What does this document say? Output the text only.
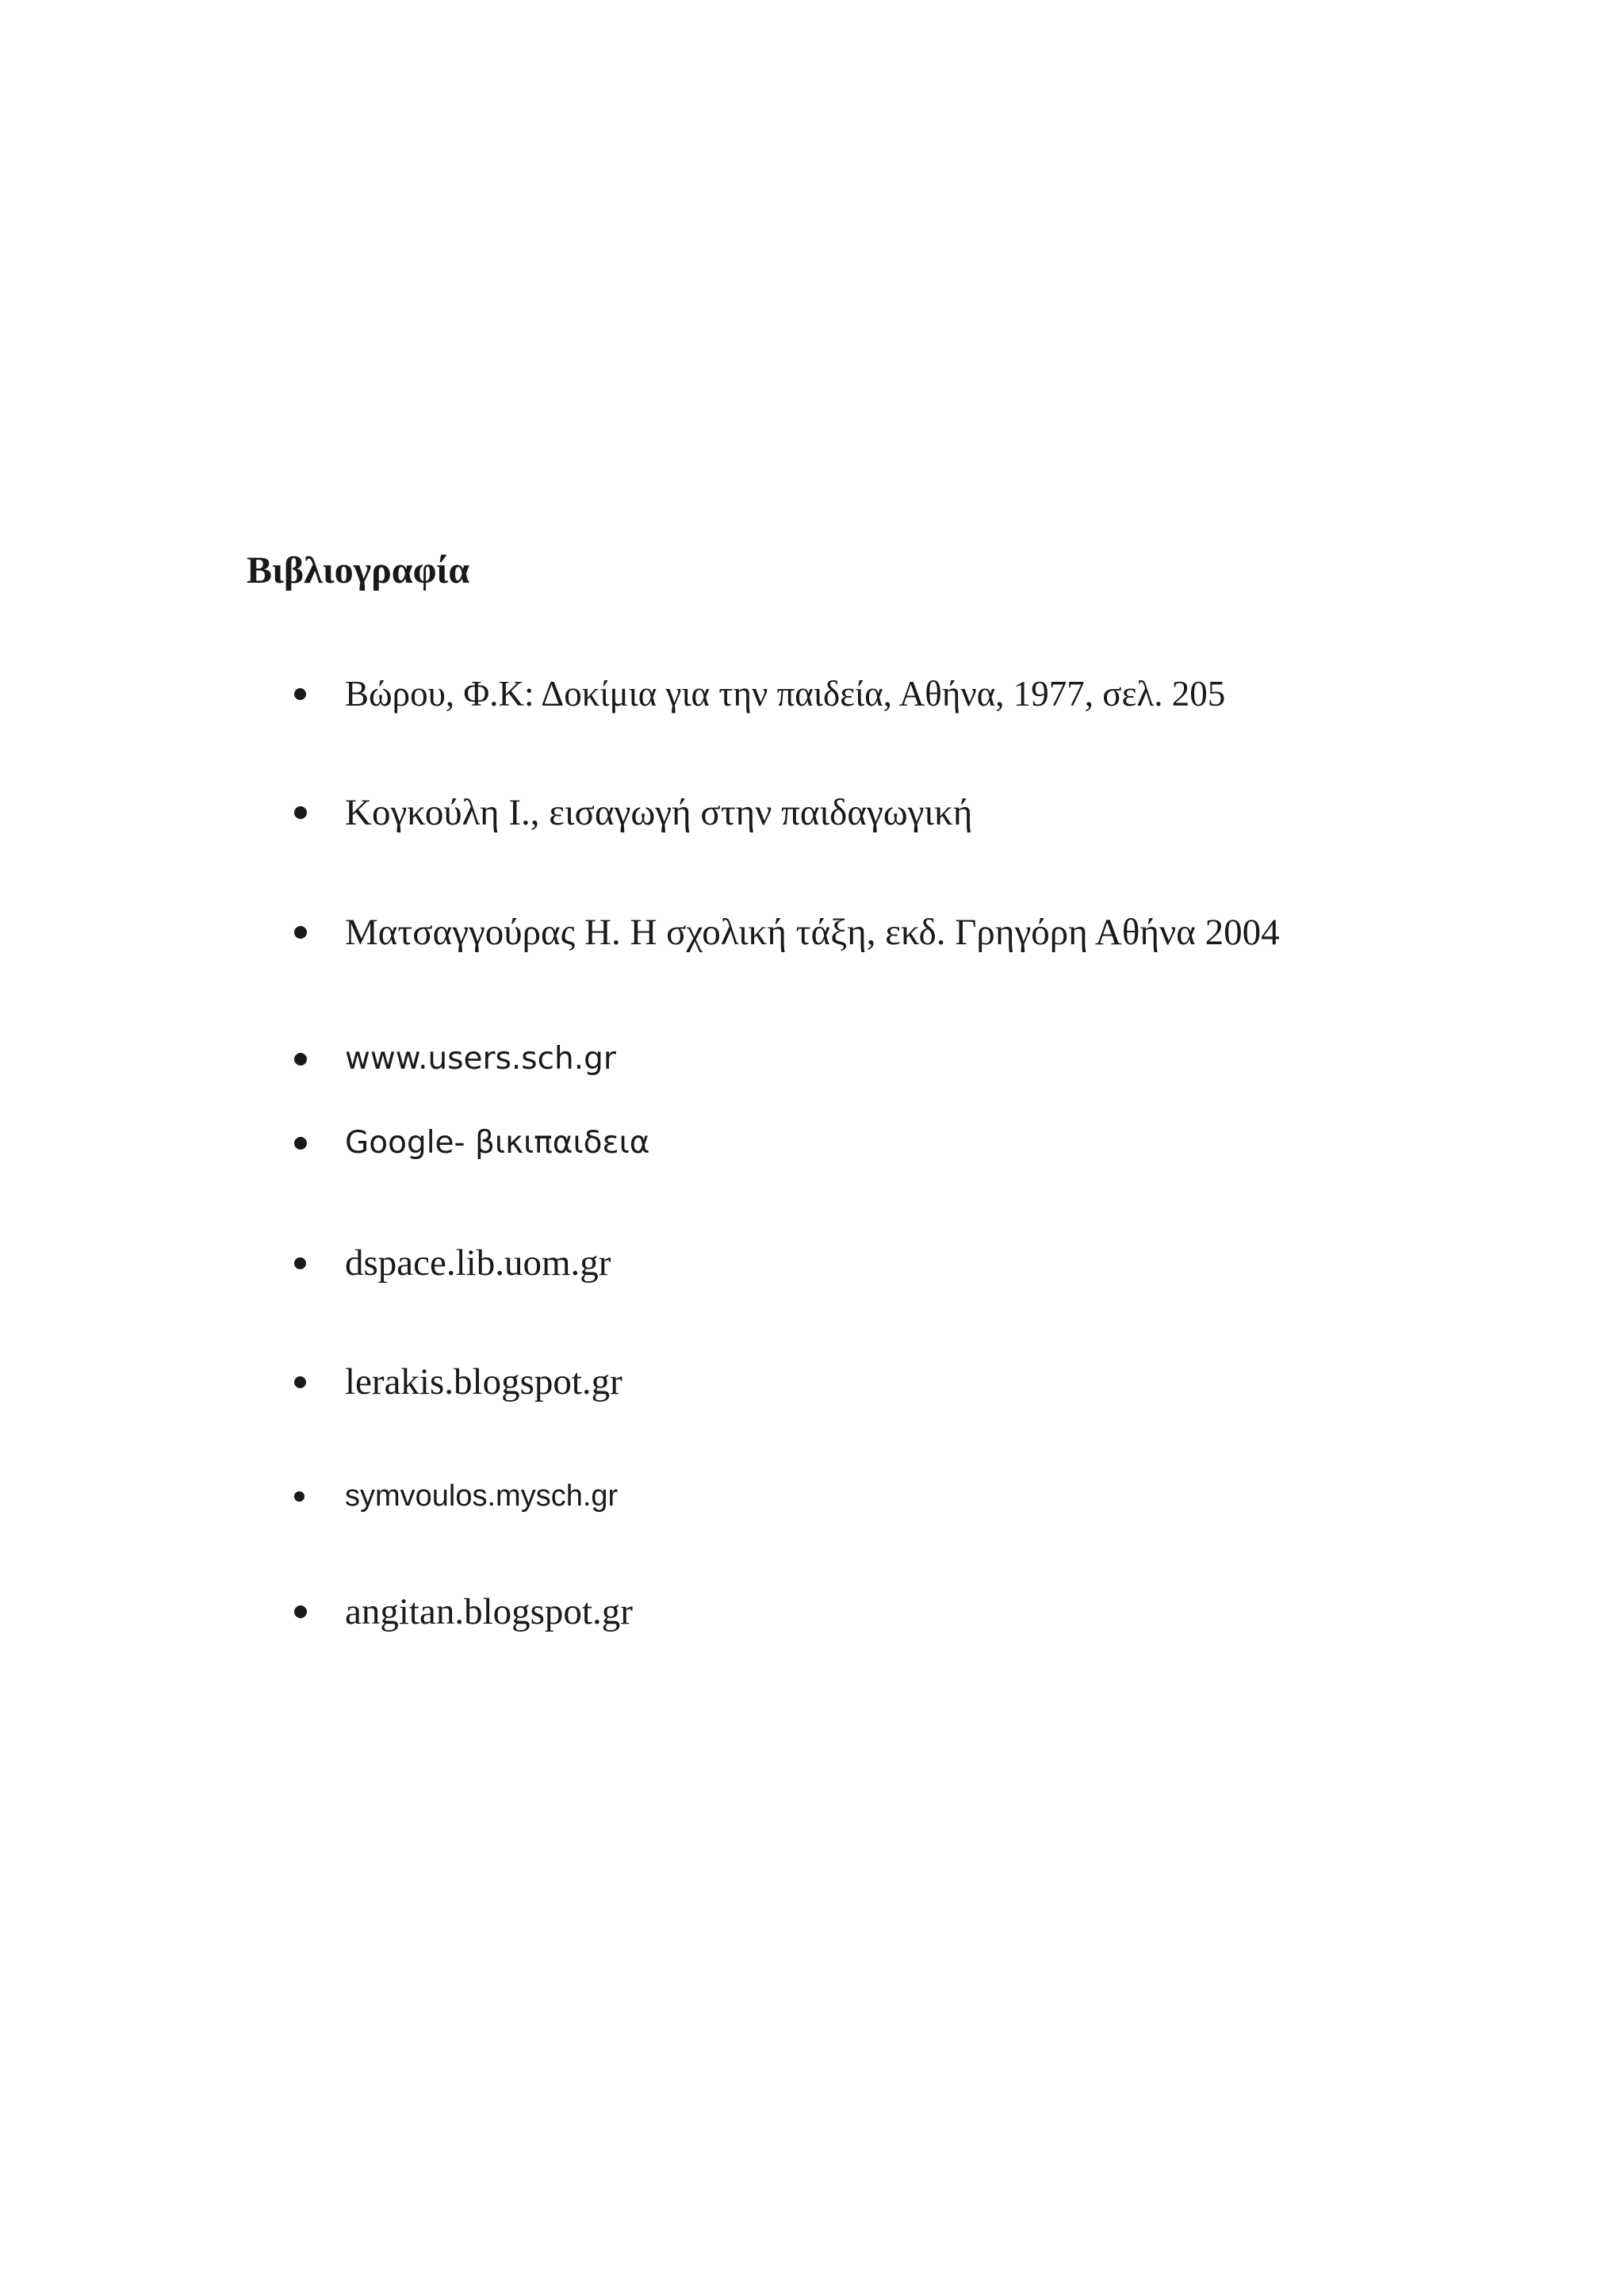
Βιβλιογραφία
Βώρου, Φ.Κ: Δοκίμια για την παιδεία, Αθήνα, 1977, σελ. 205
Κογκούλη Ι., εισαγωγή στην παιδαγωγική
Ματσαγγούρας Η. Η σχολική τάξη, εκδ. Γρηγόρη Αθήνα 2004
www.users.sch.gr
Google- βικιπαιδεια
dspace.lib.uom.gr
lerakis.blogspot.gr
symvoulos.mysch.gr
angitan.blogspot.gr
